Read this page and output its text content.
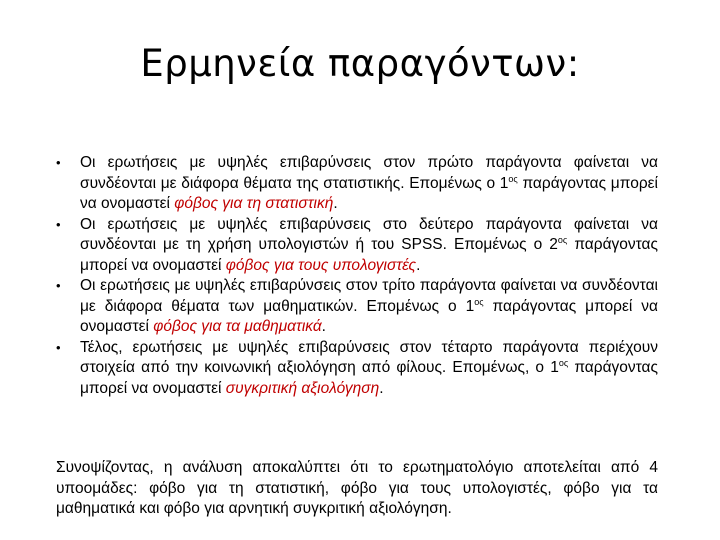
Ερμηνεία παραγόντων:
•	Οι ερωτήσεις με υψηλές επιβαρύνσεις στον πρώτο παράγοντα φαίνεται να συνδέονται με διάφορα θέματα της στατιστικής. Επομένως ο $1^{o\varsigma}$ παράγοντας μπορεί να ονομαστεί φόβος για τη στατιστική.
•	Οι ερωτήσεις με υψηλές επιβαρύνσεις στο δεύτερο παράγοντα φαίνεται να συνδέονται με τη χρήση υπολογιστών ή του SPSS. Επομένως ο $2^{o\varsigma}$ παράγοντας μπορεί να ονομαστεί φόβος για τους υπολογιστές.
•	Οι ερωτήσεις με υψηλές επιβαρύνσεις στον τρίτο παράγοντα φαίνεται να συνδέονται με διάφορα θέματα των μαθηματικών. Επομένως ο $1^{o\varsigma}$ παράγοντας μπορεί να ονομαστεί φόβος για τα μαθηματικά.
•	Τέλος, ερωτήσεις με υψηλές επιβαρύνσεις στον τέταρτο παράγοντα περιέχουν στοιχεία από την κοινωνική αξιολόγηση από φίλους. Επομένως, ο $1^{o\varsigma}$ παράγοντας μπορεί να ονομαστεί συγκριτική αξιολόγηση.

Συνοψίζοντας, η ανάλυση αποκαλύπτει ότι το ερωτηματολόγιο αποτελείται από 4 υποομάδες: φόβο για τη στατιστική, φόβο για τους υπολογιστές, φόβο για τα μαθηματικά και φόβο για αρνητική συγκριτική αξιολόγηση.
